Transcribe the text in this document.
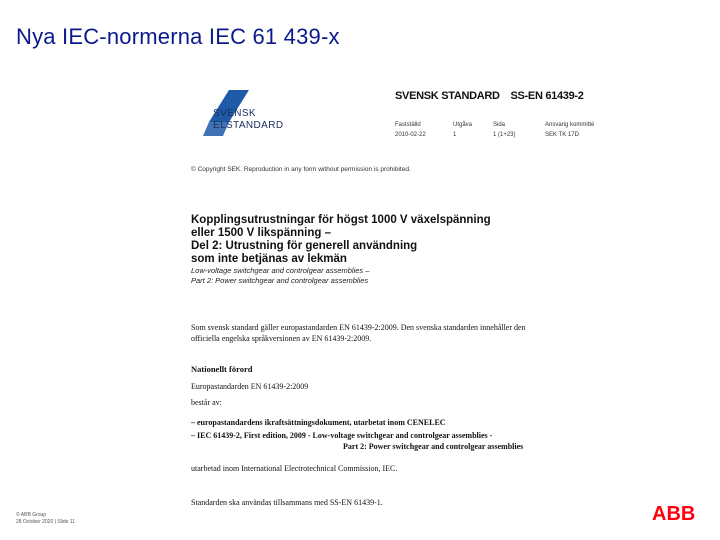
Nya IEC-normerna IEC 61 439-x
SEK
SVENSK
ELSTANDARD
SVENSK STANDARD SS-EN 61439-2
Fastställd	Utgåva	Sida	Ansvarig kommitté
2010-02-22	1	1 (1+23)	SEK TK 17D
© Copyright SEK. Reproduction in any form without permission is prohibited.
Kopplingsutrustningar för högst 1000 V växelspänning
eller 1500 V likspänning –
Del 2: Utrustning för generell användning
som inte betjänas av lekmän
Low-voltage switchgear and controlgear assemblies –
Part 2: Power switchgear and controlgear assemblies
Som svensk standard gäller europastandarden EN 61439-2:2009. Den svenska standarden innehåller den
officiella engelska språkversionen av EN 61439-2:2009.
Nationellt förord
Europastandarden EN 61439-2:2009
består av:
– europastandardens ikraftsättningsdokument, utarbetat inom CENELEC
– IEC 61439-2, First edition, 2009 - Low-voltage switchgear and controlgear assemblies -
Part 2: Power switchgear and controlgear assemblies
utarbetad inom International Electrotechnical Commission, IEC.
Standarden ska användas tillsammans med SS-EN 61439-1.
© ABB Group
28 October 2020 | Slide 11	ABB
